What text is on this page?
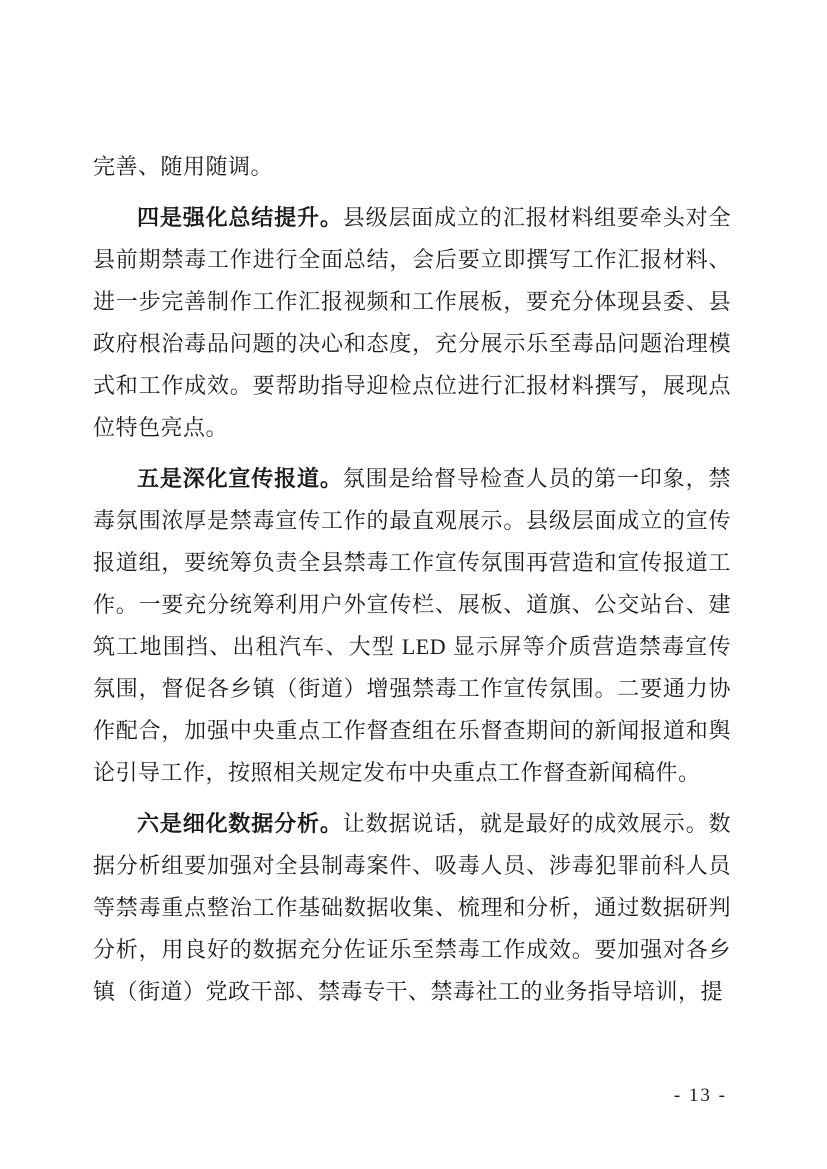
完善、随用随调。

四是强化总结提升。县级层面成立的汇报材料组要牵头对全县前期禁毒工作进行全面总结，会后要立即撰写工作汇报材料、进一步完善制作工作汇报视频和工作展板，要充分体现县委、县政府根治毒品问题的决心和态度，充分展示乐至毒品问题治理模式和工作成效。要帮助指导迎检点位进行汇报材料撰写，展现点位特色亮点。

五是深化宣传报道。氛围是给督导检查人员的第一印象，禁毒氛围浓厚是禁毒宣传工作的最直观展示。县级层面成立的宣传报道组，要统筹负责全县禁毒工作宣传氛围再营造和宣传报道工作。一要充分统筹利用户外宣传栏、展板、道旗、公交站台、建筑工地围挡、出租汽车、大型 LED 显示屏等介质营造禁毒宣传氛围，督促各乡镇（街道）增强禁毒工作宣传氛围。二要通力协作配合，加强中央重点工作督查组在乐督查期间的新闻报道和舆论引导工作，按照相关规定发布中央重点工作督查新闻稿件。

六是细化数据分析。让数据说话，就是最好的成效展示。数据分析组要加强对全县制毒案件、吸毒人员、涉毒犯罪前科人员等禁毒重点整治工作基础数据收集、梳理和分析，通过数据研判分析，用良好的数据充分佐证乐至禁毒工作成效。要加强对各乡镇（街道）党政干部、禁毒专干、禁毒社工的业务指导培训，提

- 13 -
